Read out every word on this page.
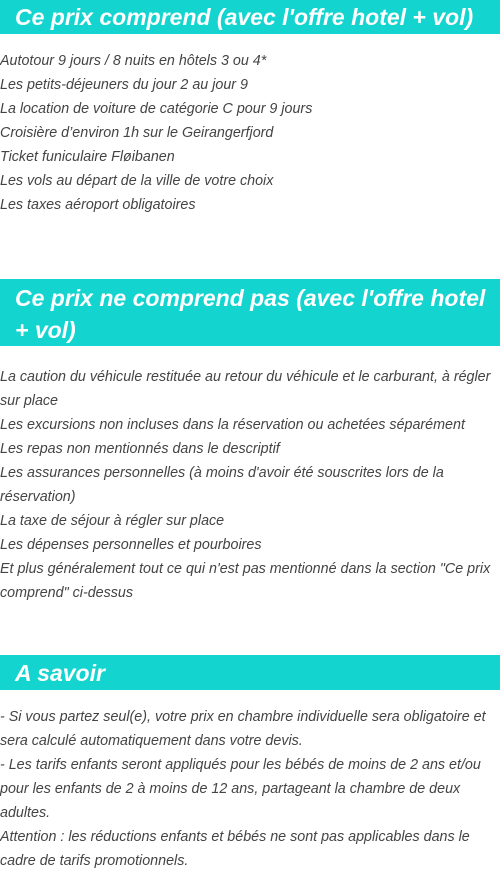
Ce prix comprend (avec l'offre hotel + vol)
Autotour 9 jours / 8 nuits en hôtels 3 ou 4*
Les petits-déjeuners du jour 2 au jour 9
La location de voiture de catégorie C pour 9 jours
Croisière d’environ 1h sur le Geirangerfjord
Ticket funiculaire Fløibanen
Les vols au départ de la ville de votre choix
Les taxes aéroport obligatoires
Ce prix ne comprend pas (avec l'offre hotel + vol)
La caution du véhicule restituée au retour du véhicule et le carburant, à régler sur place
Les excursions non incluses dans la réservation ou achetées séparément
Les repas non mentionnés dans le descriptif
Les assurances personnelles (à moins d'avoir été souscrites lors de la réservation)
La taxe de séjour à régler sur place
Les dépenses personnelles et pourboires
Et plus généralement tout ce qui n'est pas mentionné dans la section "Ce prix comprend" ci-dessus
A savoir
- Si vous partez seul(e), votre prix en chambre individuelle sera obligatoire et sera calculé automatiquement dans votre devis.
- Les tarifs enfants seront appliqués pour les bébés de moins de 2 ans et/ou pour les enfants de 2 à moins de 12 ans, partageant la chambre de deux adultes.
Attention : les réductions enfants et bébés ne sont pas applicables dans le cadre de tarifs promotionnels.
